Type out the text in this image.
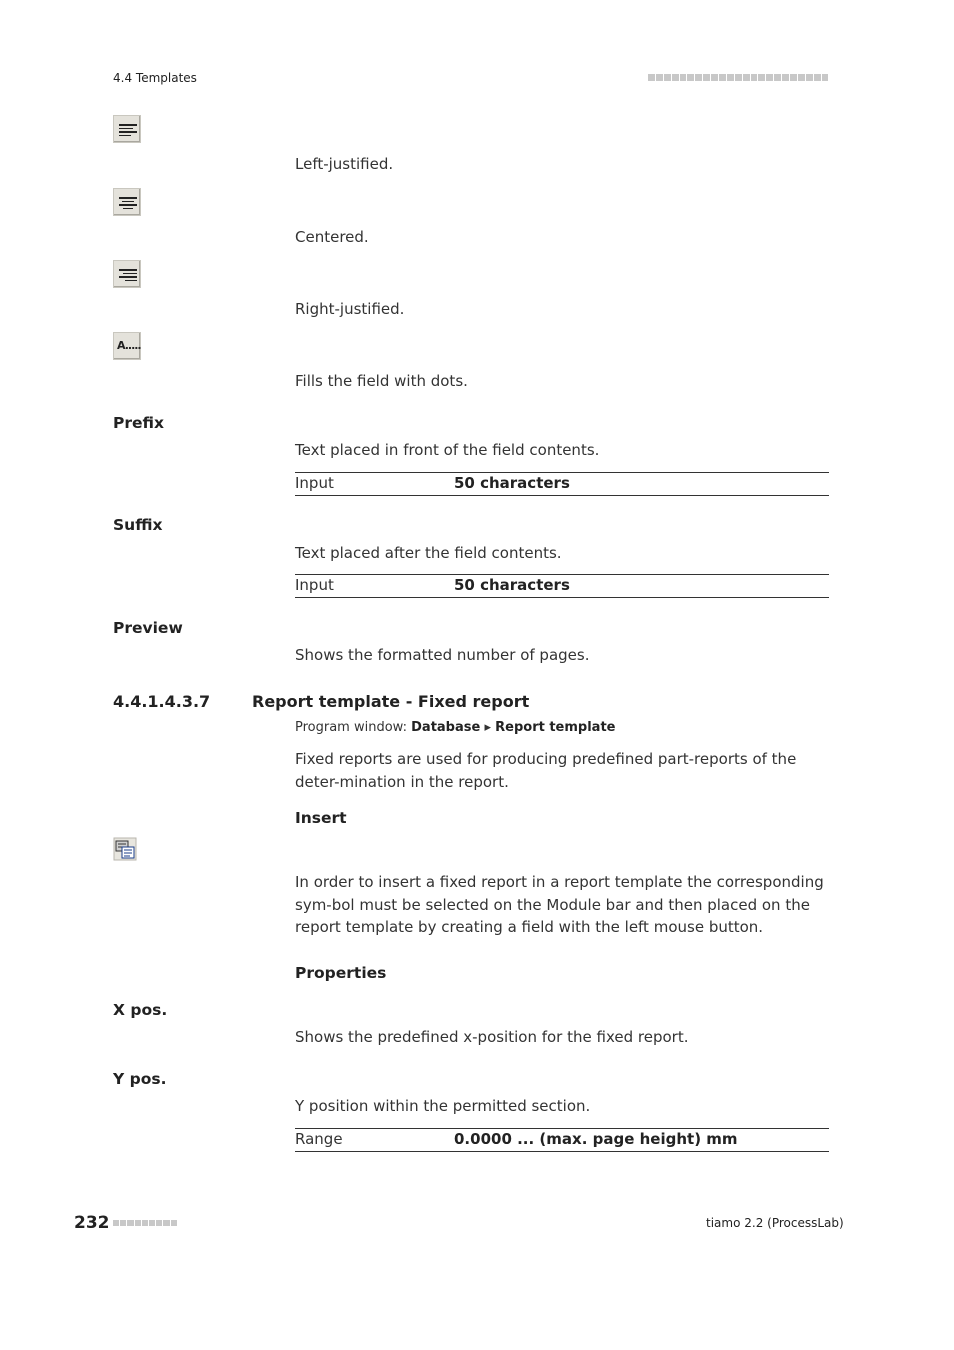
4.4 Templates
Left-justified.
Centered.
Right-justified.
A.....
Fills the field with dots.
Prefix
Text placed in front of the field contents.
Input	50 characters
Suffix
Text placed after the field contents.
Input	50 characters
Preview
Shows the formatted number of pages.
4.4.1.4.3.7	Report template - Fixed report
Program window: Database ▸ Report template
Fixed reports are used for producing predefined part-reports of the deter-mination in the report.
Insert
In order to insert a fixed report in a report template the corresponding sym-bol must be selected on the Module bar and then placed on the report template by creating a field with the left mouse button.
Properties
X pos.
Shows the predefined x-position for the fixed report.
Y pos.
Y position within the permitted section.
Range	0.0000 ... (max. page height) mm
232	tiamo 2.2 (ProcessLab)
